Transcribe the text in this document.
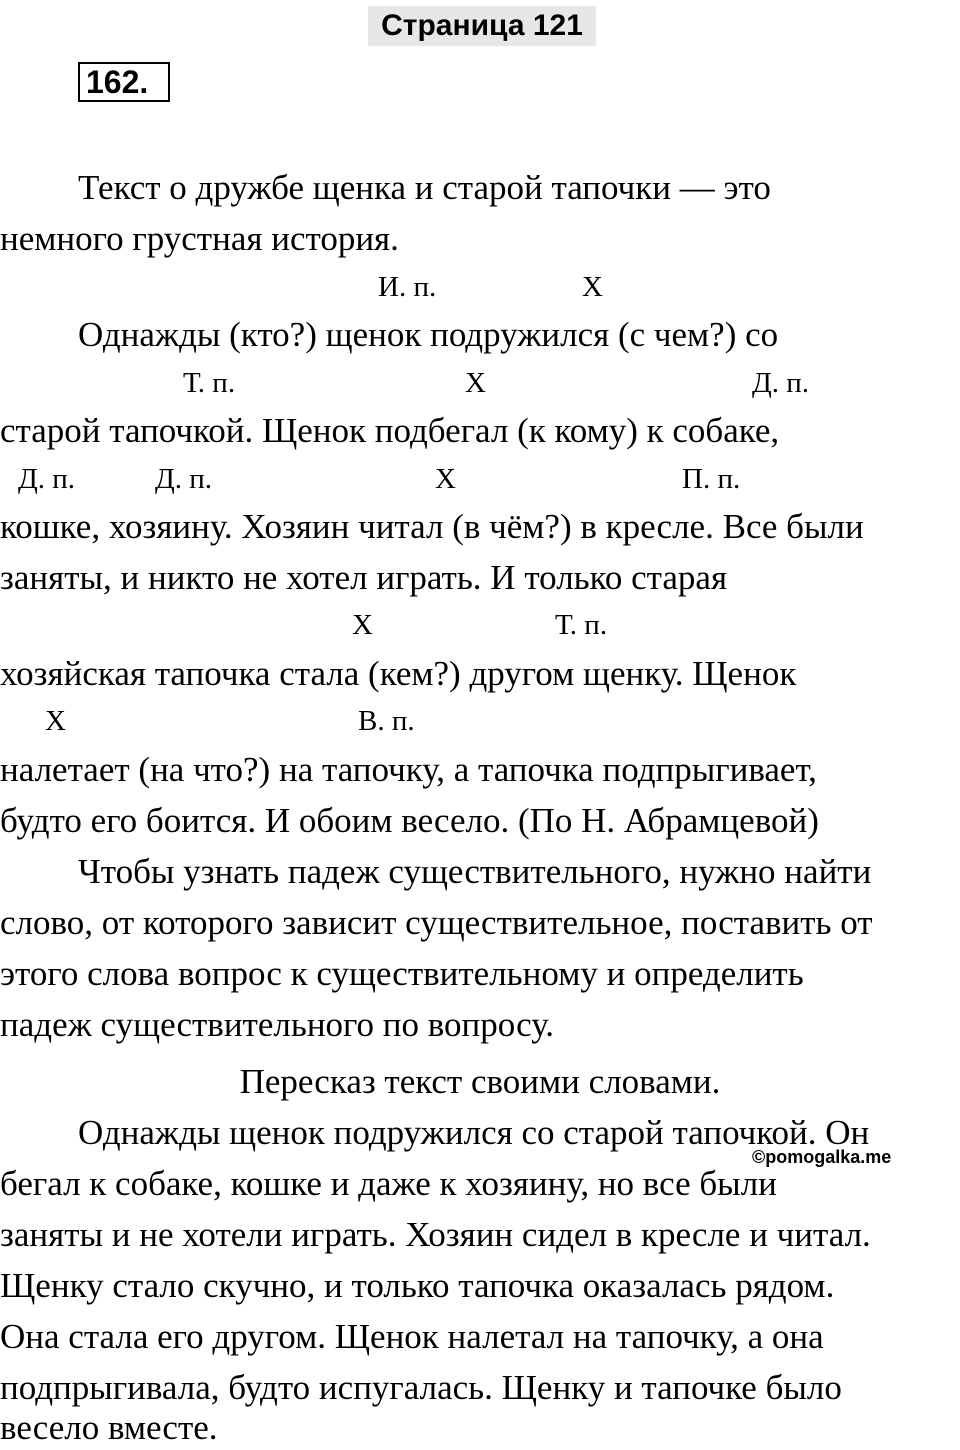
Страница 121
162.
Текст о дружбе щенка и старой тапочки — это
немного грустная история.
И. п.	Х
Однажды (кто?) щенок подружился (с чем?) со
Т. п.	Х	Д. п.
старой тапочкой. Щенок подбегал (к кому) к собаке,
Д. п.	Д. п.	Х	П. п.
кошке, хозяину. Хозяин читал (в чём?) в кресле. Все были
заняты, и никто не хотел играть. И только старая
Х	Т. п.
хозяйская тапочка стала (кем?) другом щенку. Щенок
Х	В. п.
налетает (на что?) на тапочку, а тапочка подпрыгивает,
будто его боится. И обоим весело. (По Н. Абрамцевой)
Чтобы узнать падеж существительного, нужно найти
слово, от которого зависит существительное, поставить от
этого слова вопрос к существительному и определить
падеж существительного по вопросу.
Пересказ текст своими словами.
Однажды щенок подружился со старой тапочкой. Он
©pomogalka.me
бегал к собаке, кошке и даже к хозяину, но все были
заняты и не хотели играть. Хозяин сидел в кресле и читал.
Щенку стало скучно, и только тапочка оказалась рядом.
Она стала его другом. Щенок налетал на тапочку, а она
подпрыгивала, будто испугалась. Щенку и тапочке было
весело вместе.
